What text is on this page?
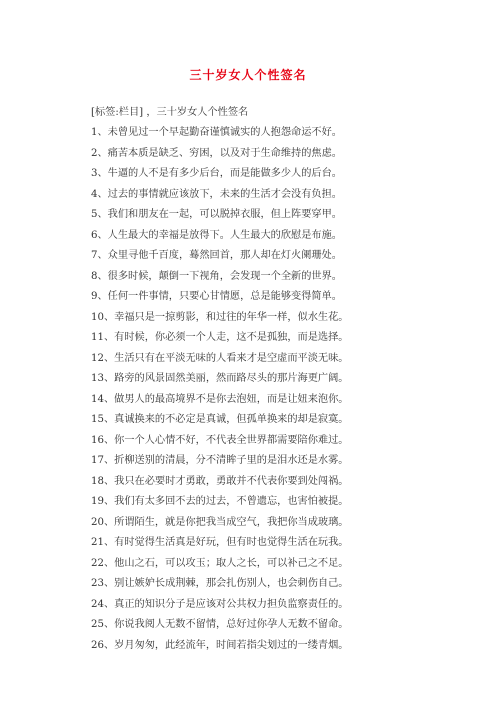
三十岁女人个性签名
[标签:栏目] ，三十岁女人个性签名
1、未曾见过一个早起勤奋谨慎诚实的人抱怨命运不好。
2、痛苦本质是缺乏、穷困，以及对于生命维持的焦虑。
3、牛逼的人不是有多少后台，而是能做多少人的后台。
4、过去的事情就应该放下，未来的生活才会没有负担。
5、我们和朋友在一起，可以脱掉衣服，但上阵要穿甲。
6、人生最大的幸福是放得下。人生最大的欣慰是布施。
7、众里寻他千百度，蓦然回首，那人却在灯火阑珊处。
8、很多时候，颠倒一下视角，会发现一个全新的世界。
9、任何一件事情，只要心甘情愿，总是能够变得简单。
10、幸福只是一掠剪影，和过往的年华一样，似水生花。
11、有时候，你必须一个人走，这不是孤独，而是选择。
12、生活只有在平淡无味的人看来才是空虚而平淡无味。
13、路旁的风景固然美丽，然而路尽头的那片海更广阔。
14、做男人的最高境界不是你去泡妞，而是让妞来泡你。
15、真诚换来的不必定是真诚，但孤单换来的却是寂寞。
16、你一个人心情不好，不代表全世界都需要陪你难过。
17、折柳送别的清晨，分不清眸子里的是泪水还是水雾。
18、我只在必要时才勇敢，勇敢并不代表你要到处闯祸。
19、我们有太多回不去的过去，不曾遗忘，也害怕被提。
20、所谓陌生，就是你把我当成空气，我把你当成玻璃。
21、有时觉得生活真是好玩，但有时也觉得生活在玩我。
22、他山之石，可以攻玉；取人之长，可以补己之不足。
23、别让嫉妒长成荆棘，那会扎伤别人，也会刺伤自己。
24、真正的知识分子是应该对公共权力担负监察责任的。
25、你说我阅人无数不留情，总好过你孕人无数不留命。
26、岁月匆匆，此经流年，时间若指尖划过的一缕青烟。
